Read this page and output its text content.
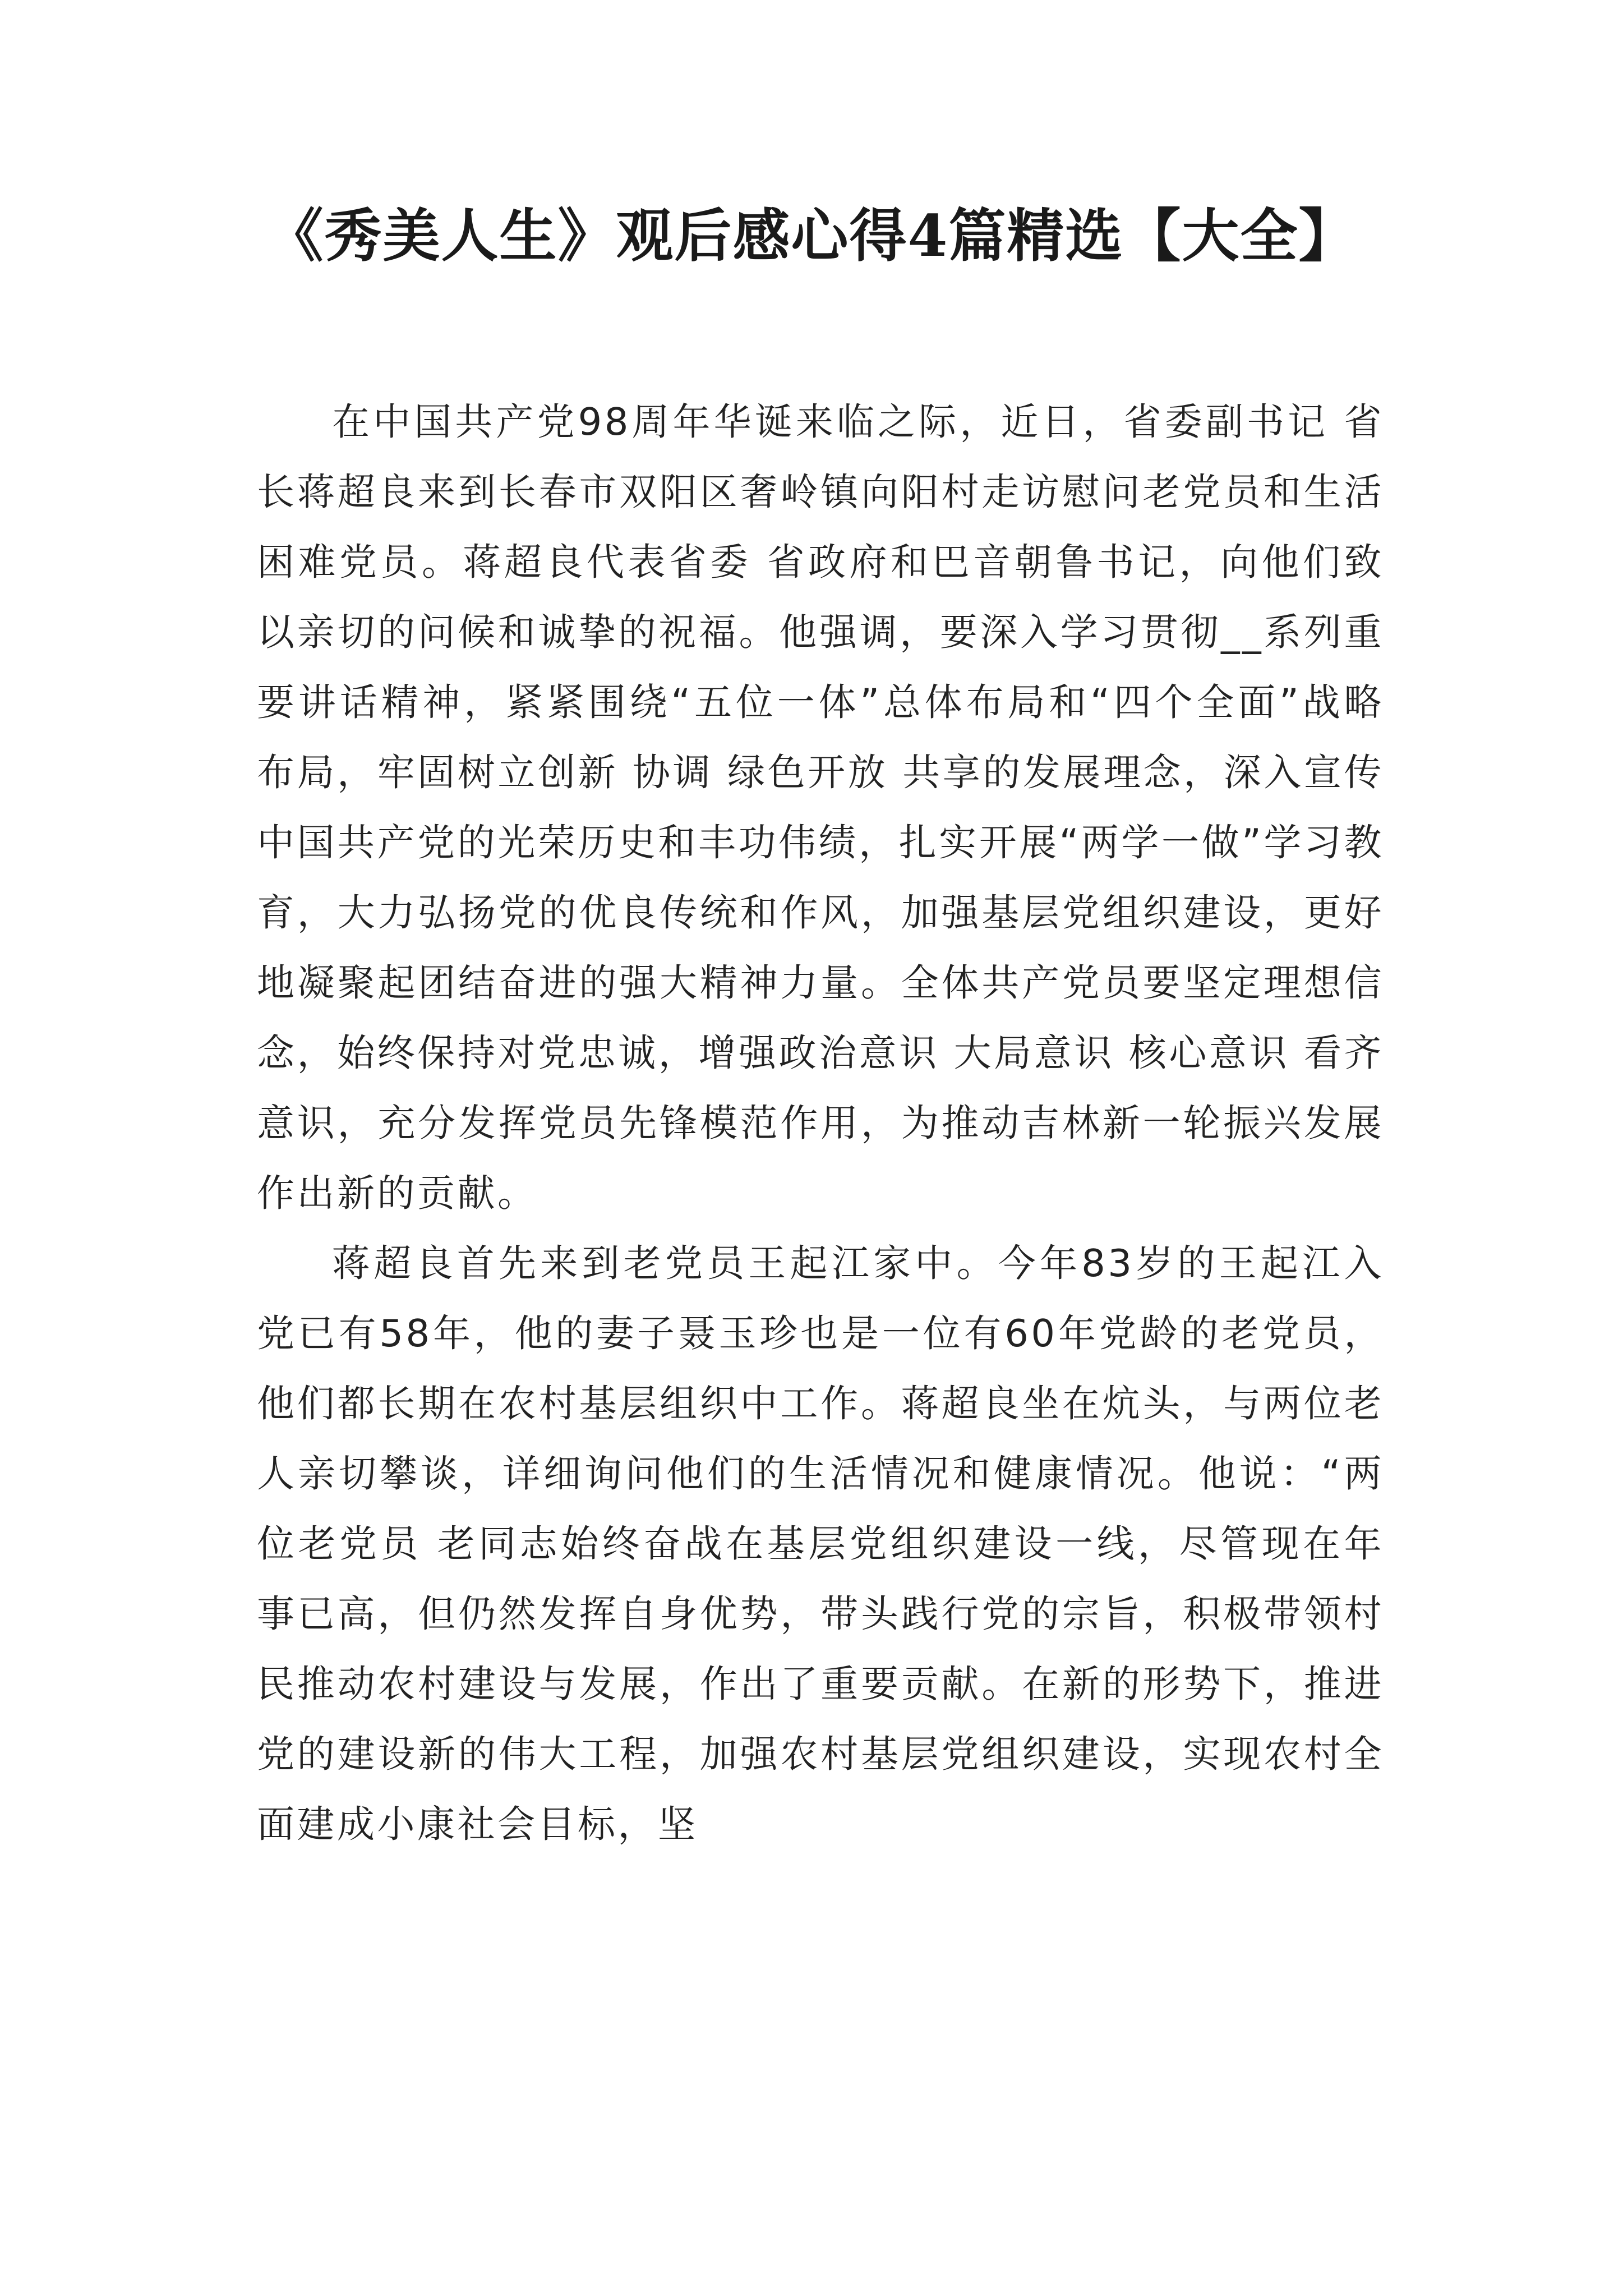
《秀美人生》观后感心得4篇精选【大全】

在中国共产党98周年华诞来临之际，近日，省委副书记 省长蒋超良来到长春市双阳区奢岭镇向阳村走访慰问老党员和生活困难党员。蒋超良代表省委 省政府和巴音朝鲁书记，向他们致以亲切的问候和诚挚的祝福。他强调，要深入学习贯彻__系列重要讲话精神，紧紧围绕“五位一体”总体布局和“四个全面”战略布局，牢固树立创新 协调 绿色开放 共享的发展理念，深入宣传中国共产党的光荣历史和丰功伟绩，扎实开展“两学一做”学习教育，大力弘扬党的优良传统和作风，加强基层党组织建设，更好地凝聚起团结奋进的强大精神力量。全体共产党员要坚定理想信念，始终保持对党忠诚，增强政治意识 大局意识 核心意识 看齐意识，充分发挥党员先锋模范作用，为推动吉林新一轮振兴发展作出新的贡献。

蒋超良首先来到老党员王起江家中。今年83岁的王起江入党已有58年，他的妻子聂玉珍也是一位有60年党龄的老党员，他们都长期在农村基层组织中工作。蒋超良坐在炕头，与两位老人亲切攀谈，详细询问他们的生活情况和健康情况。他说：“两位老党员 老同志始终奋战在基层党组织建设一线，尽管现在年事已高，但仍然发挥自身优势，带头践行党的宗旨，积极带领村民推动农村建设与发展，作出了重要贡献。在新的形势下，推进党的建设新的伟大工程，加强农村基层党组织建设，实现农村全面建成小康社会目标，坚
